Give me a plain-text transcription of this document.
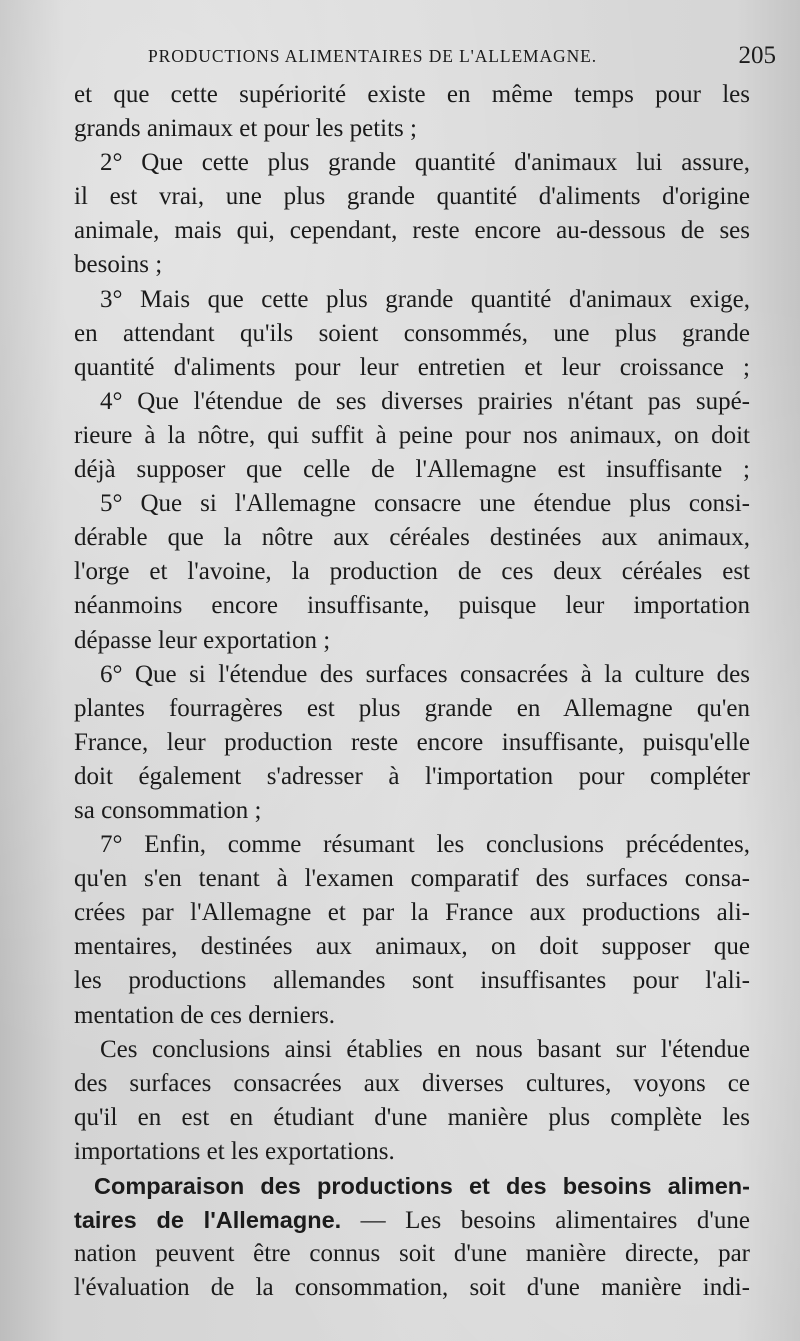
PRODUCTIONS ALIMENTAIRES DE L'ALLEMAGNE.	205
et que cette supériorité existe en même temps pour les
grands animaux et pour les petits ;
2° Que cette plus grande quantité d'animaux lui assure,
il est vrai, une plus grande quantité d'aliments d'origine
animale, mais qui, cependant, reste encore au-dessous de ses
besoins ;
3° Mais que cette plus grande quantité d'animaux exige,
en attendant qu'ils soient consommés, une plus grande
quantité d'aliments pour leur entretien et leur croissance ;
4° Que l'étendue de ses diverses prairies n'étant pas supé-
rieure à la nôtre, qui suffit à peine pour nos animaux, on doit
déjà supposer que celle de l'Allemagne est insuffisante ;
5° Que si l'Allemagne consacre une étendue plus consi-
dérable que la nôtre aux céréales destinées aux animaux,
l'orge et l'avoine, la production de ces deux céréales est
néanmoins encore insuffisante, puisque leur importation
dépasse leur exportation ;
6° Que si l'étendue des surfaces consacrées à la culture des
plantes fourragères est plus grande en Allemagne qu'en
France, leur production reste encore insuffisante, puisqu'elle
doit également s'adresser à l'importation pour compléter
sa consommation ;
7° Enfin, comme résumant les conclusions précédentes,
qu'en s'en tenant à l'examen comparatif des surfaces consa-
crées par l'Allemagne et par la France aux productions ali-
mentaires, destinées aux animaux, on doit supposer que
les productions allemandes sont insuffisantes pour l'ali-
mentation de ces derniers.
Ces conclusions ainsi établies en nous basant sur l'étendue
des surfaces consacrées aux diverses cultures, voyons ce
qu'il en est en étudiant d'une manière plus complète les
importations et les exportations.
Comparaison des productions et des besoins alimen-
taires de l'Allemagne. — Les besoins alimentaires d'une
nation peuvent être connus soit d'une manière directe, par
l'évaluation de la consommation, soit d'une manière indi-
